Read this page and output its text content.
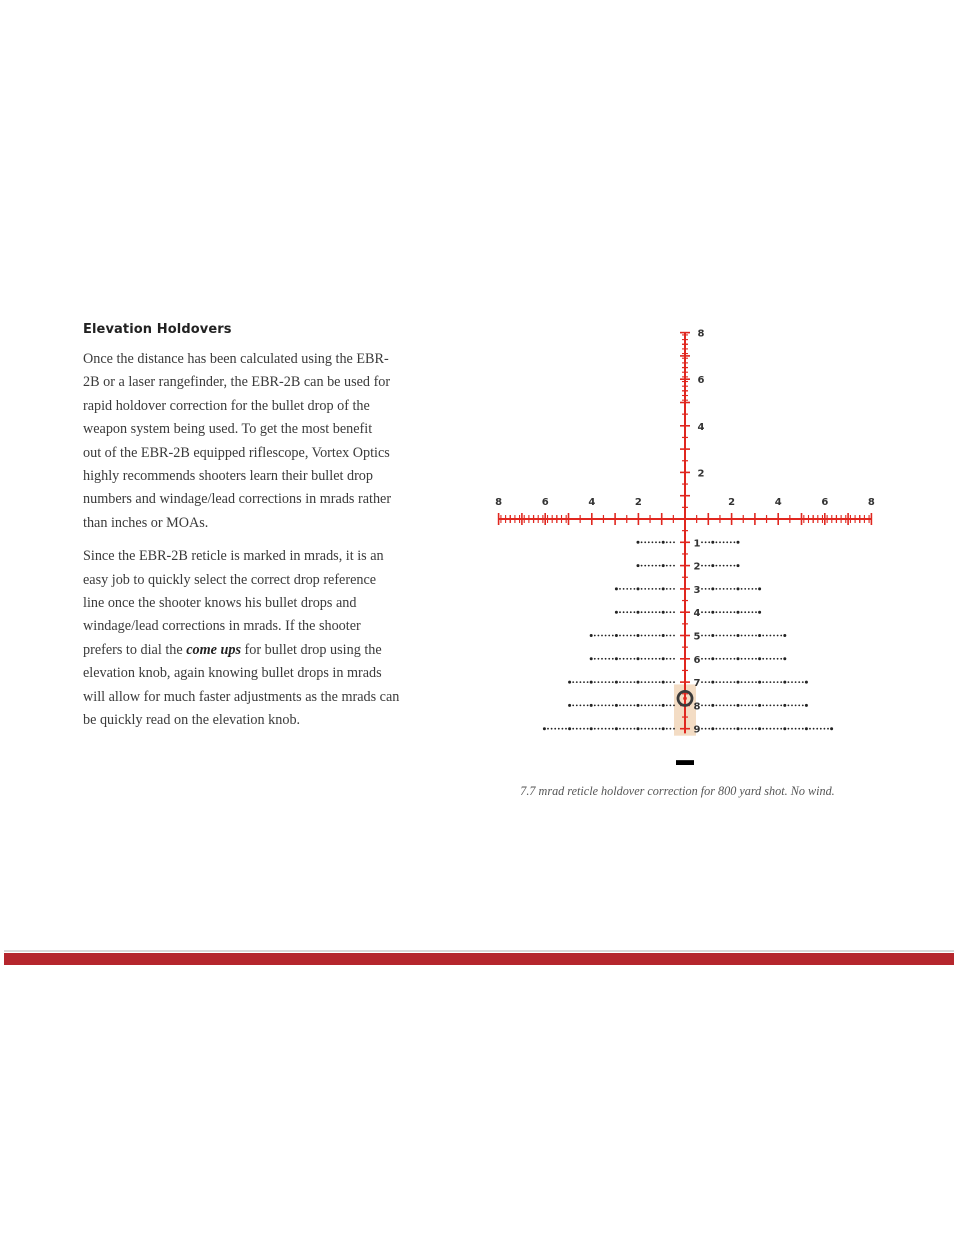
Elevation Holdovers

Once the distance has been calculated using the EBR-
2B or a laser rangefinder, the EBR-2B can be used for
rapid holdover correction for the bullet drop of the
weapon system being used. To get the most benefit
out of the EBR-2B equipped riflescope, Vortex Optics
highly recommends shooters learn their bullet drop
numbers and windage/lead corrections in mrads rather
than inches or MOAs.

Since the EBR-2B reticle is marked in mrads, it is an
easy job to quickly select the correct drop reference
line once the shooter knows his bullet drops and
windage/lead corrections in mrads. If the shooter
prefers to dial the come ups for bullet drop using the
elevation knob, again knowing bullet drops in mrads
will allow for much faster adjustments as the mrads can
be quickly read on the elevation knob.

8
6
4
2
8	6	4	2	2	4	6	8
1
2
3
4
5
6
7
8
9
7.7 mrad reticle holdover correction for 800 yard shot. No wind.
